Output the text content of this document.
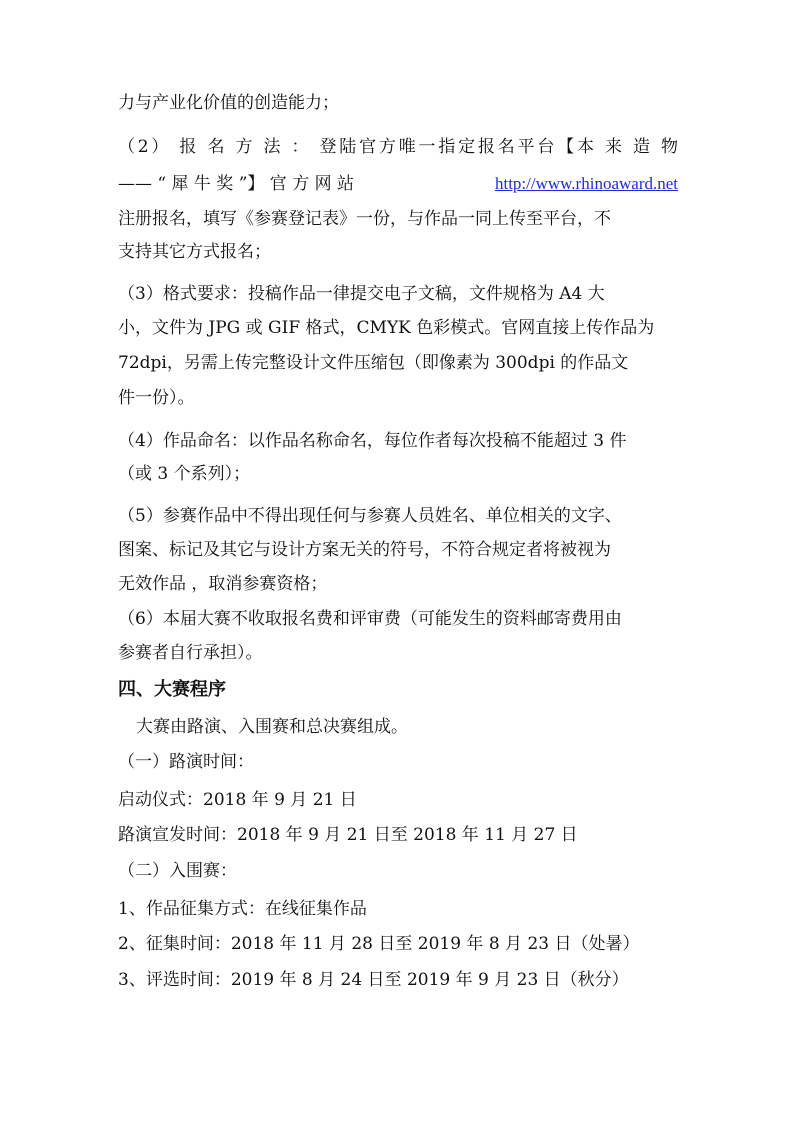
力与产业化价值的创造能力；
（2） 报 名 方 法 ： 登陆官方唯一指定报名平台【本 来 造 物
—— “ 犀 牛 奖 ”】 官 方 网 站	http://www.rhinoaward.net
注册报名，填写《参赛登记表》一份，与作品一同上传至平台，不
支持其它方式报名；
（3）格式要求：投稿作品一律提交电子文稿，文件规格为 A4 大
小，文件为 JPG 或 GIF 格式，CMYK 色彩模式。官网直接上传作品为
72dpi，另需上传完整设计文件压缩包（即像素为 300dpi 的作品文
件一份）。
（4）作品命名：以作品名称命名，每位作者每次投稿不能超过 3 件
（或 3 个系列）；
（5）参赛作品中不得出现任何与参赛人员姓名、单位相关的文字、
图案、标记及其它与设计方案无关的符号，不符合规定者将被视为
无效作品 ，取消参赛资格；
（6）本届大赛不收取报名费和评审费（可能发生的资料邮寄费用由
参赛者自行承担）。
四、大赛程序
大赛由路演、入围赛和总决赛组成。
（一）路演时间：
启动仪式：2018 年 9 月 21 日
路演宣发时间：2018 年 9 月 21 日至 2018 年 11 月 27 日
（二）入围赛：
1、作品征集方式：在线征集作品
2、征集时间：2018 年 11 月 28 日至 2019 年 8 月 23 日（处暑）
3、评选时间：2019 年 8 月 24 日至 2019 年 9 月 23 日（秋分）
